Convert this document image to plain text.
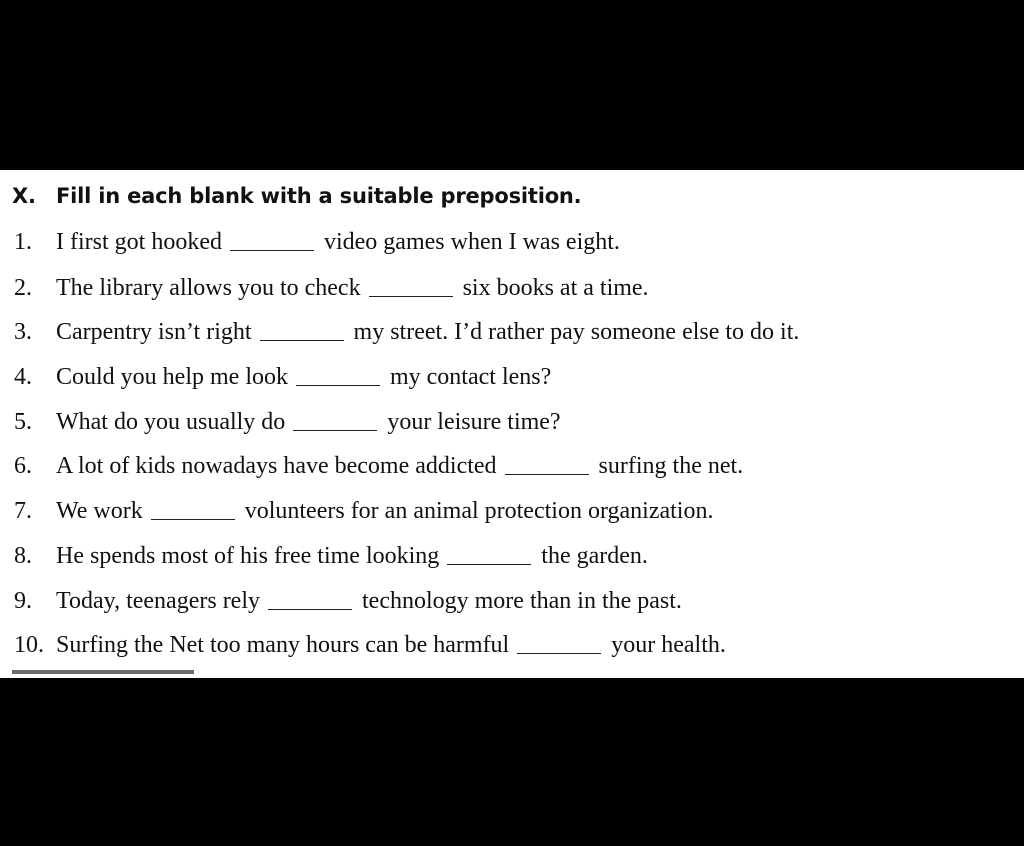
X. Fill in each blank with a suitable preposition.
1. I first got hooked	video games when I was eight.
2. The library allows you to check	six books at a time.
3. Carpentry isn’t right	my street. I’d rather pay someone else to do it.
4. Could you help me look	my contact lens?
5. What do you usually do	your leisure time?
6. A lot of kids nowadays have become addicted	surfing the net.
7. We work	volunteers for an animal protection organization.
8. He spends most of his free time looking	the garden.
9. Today, teenagers rely	technology more than in the past.
10. Surfing the Net too many hours can be harmful	your health.
